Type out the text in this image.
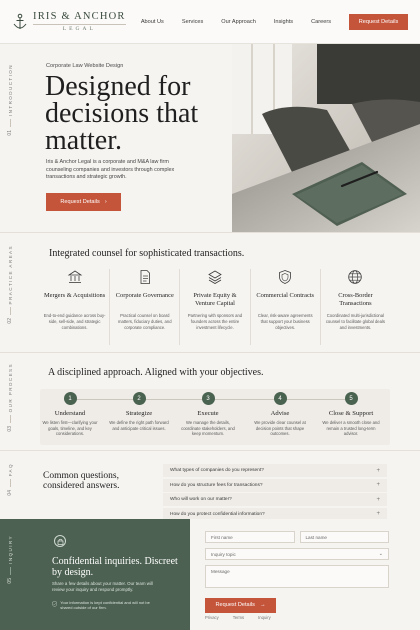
IRIS & ANCHOR
LEGAL
About Us	Services	Our Approach	Insights	Careers	Request Details
INTRODUCTION
01
Corporate Law Website Design
Designed for decisions that matter.
Iris & Anchor Legal is a corporate and M&A law firm counseling companies and investors through complex transactions and strategic growth.
Request Details ›
PRACTICE AREAS
02
Integrated counsel for sophisticated transactions.
Mergers & Acquisitions
End-to-end guidance across buy-side, sell-side, and strategic combinations.
Corporate Governance
Practical counsel on board matters, fiduciary duties, and corporate compliance.
Private Equity & Venture Capital
Partnering with sponsors and founders across the entire investment lifecycle.
Commercial Contracts
Clear, risk-aware agreements that support your business objectives.
Cross-Border Transactions
Coordinated multi-jurisdictional counsel to facilitate global deals and investments.
OUR PROCESS
03
A disciplined approach. Aligned with your objectives.
1
Understand
We listen first—clarifying your goals, timeline, and key considerations.
2
Strategize
We define the right path forward and anticipate critical issues.
3
Execute
We manage the details, coordinate stakeholders, and keep momentum.
4
Advise
We provide clear counsel at decision points that shape outcomes.
5
Close & Support
We deliver a smooth close and remain a trusted long-term advisor.
FAQ
04
Common questions, considered answers.
What types of companies do you represent?	+
How do you structure fees for transactions?	+
Who will work on our matter?	+
How do you protect confidential information?	+
INQUIRY
05
Confidential inquiries. Discreet by design.
Share a few details about your matter. Our team will review your inquiry and respond promptly.
Your information is kept confidential and will not be shared outside of our firm.
First name	Last name
Inquiry topic	⌄
Message
Request Details →
Privacy	Terms	Inquiry
